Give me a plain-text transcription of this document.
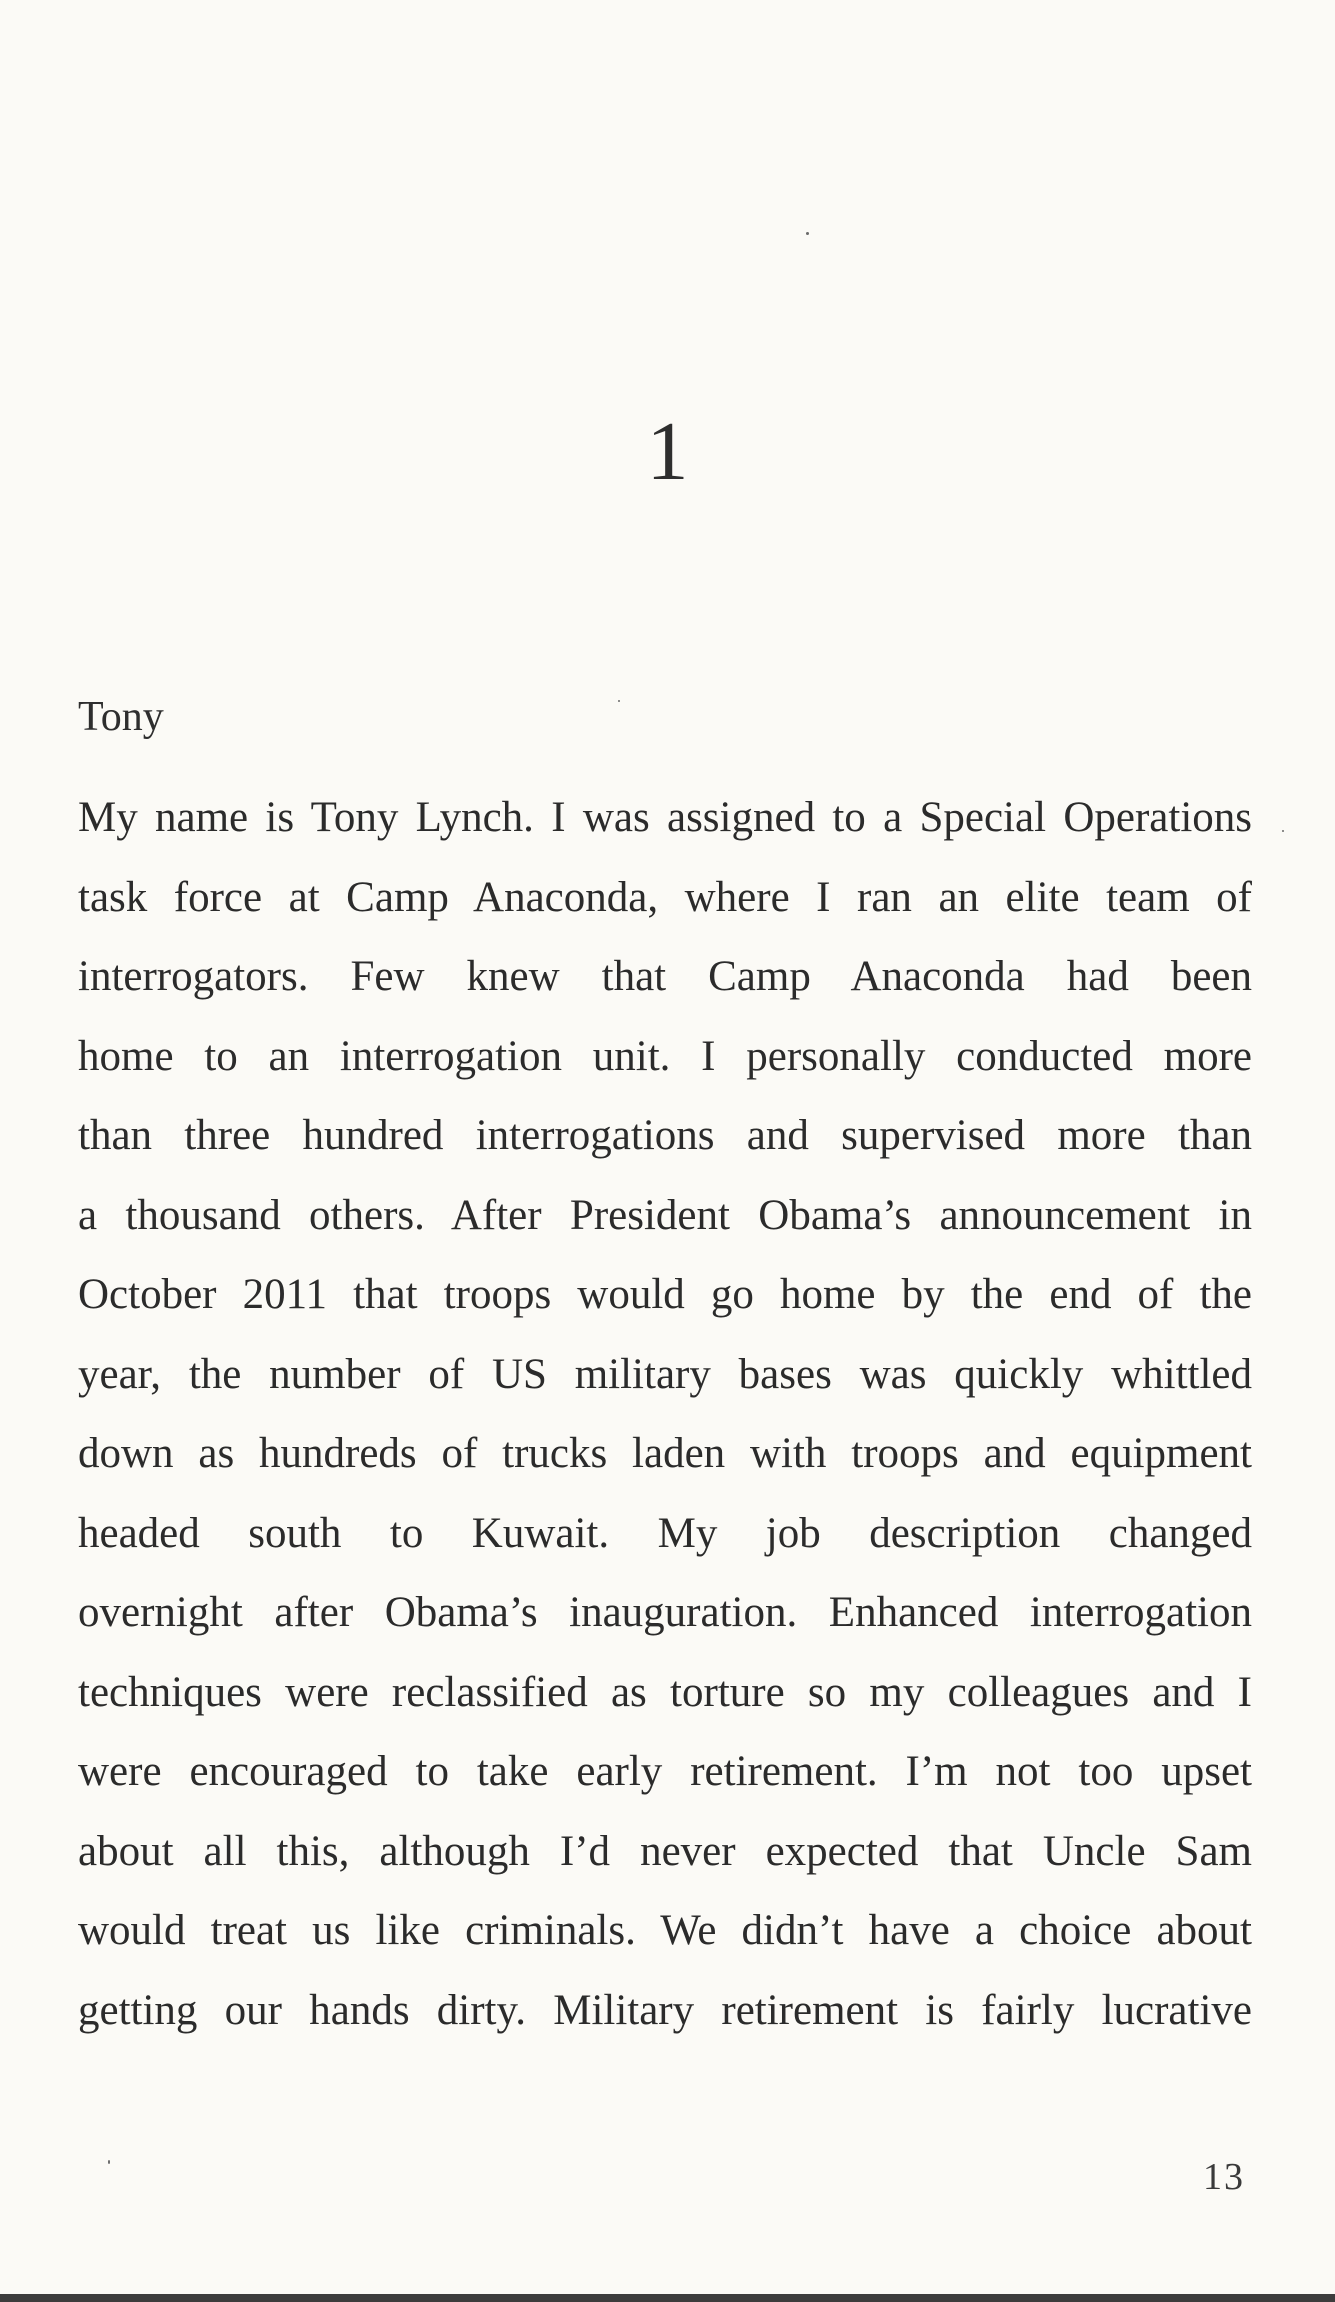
1
Tony
My name is Tony Lynch. I was assigned to a Special Operations
task force at Camp Anaconda, where I ran an elite team of
interrogators. Few knew that Camp Anaconda had been
home to an interrogation unit. I personally conducted more
than three hundred interrogations and supervised more than
a thousand others. After President Obama’s announcement in
October 2011 that troops would go home by the end of the
year, the number of US military bases was quickly whittled
down as hundreds of trucks laden with troops and equipment
headed south to Kuwait. My job description changed
overnight after Obama’s inauguration. Enhanced interrogation
techniques were reclassified as torture so my colleagues and I
were encouraged to take early retirement. I’m not too upset
about all this, although I’d never expected that Uncle Sam
would treat us like criminals. We didn’t have a choice about
getting our hands dirty. Military retirement is fairly lucrative
13
